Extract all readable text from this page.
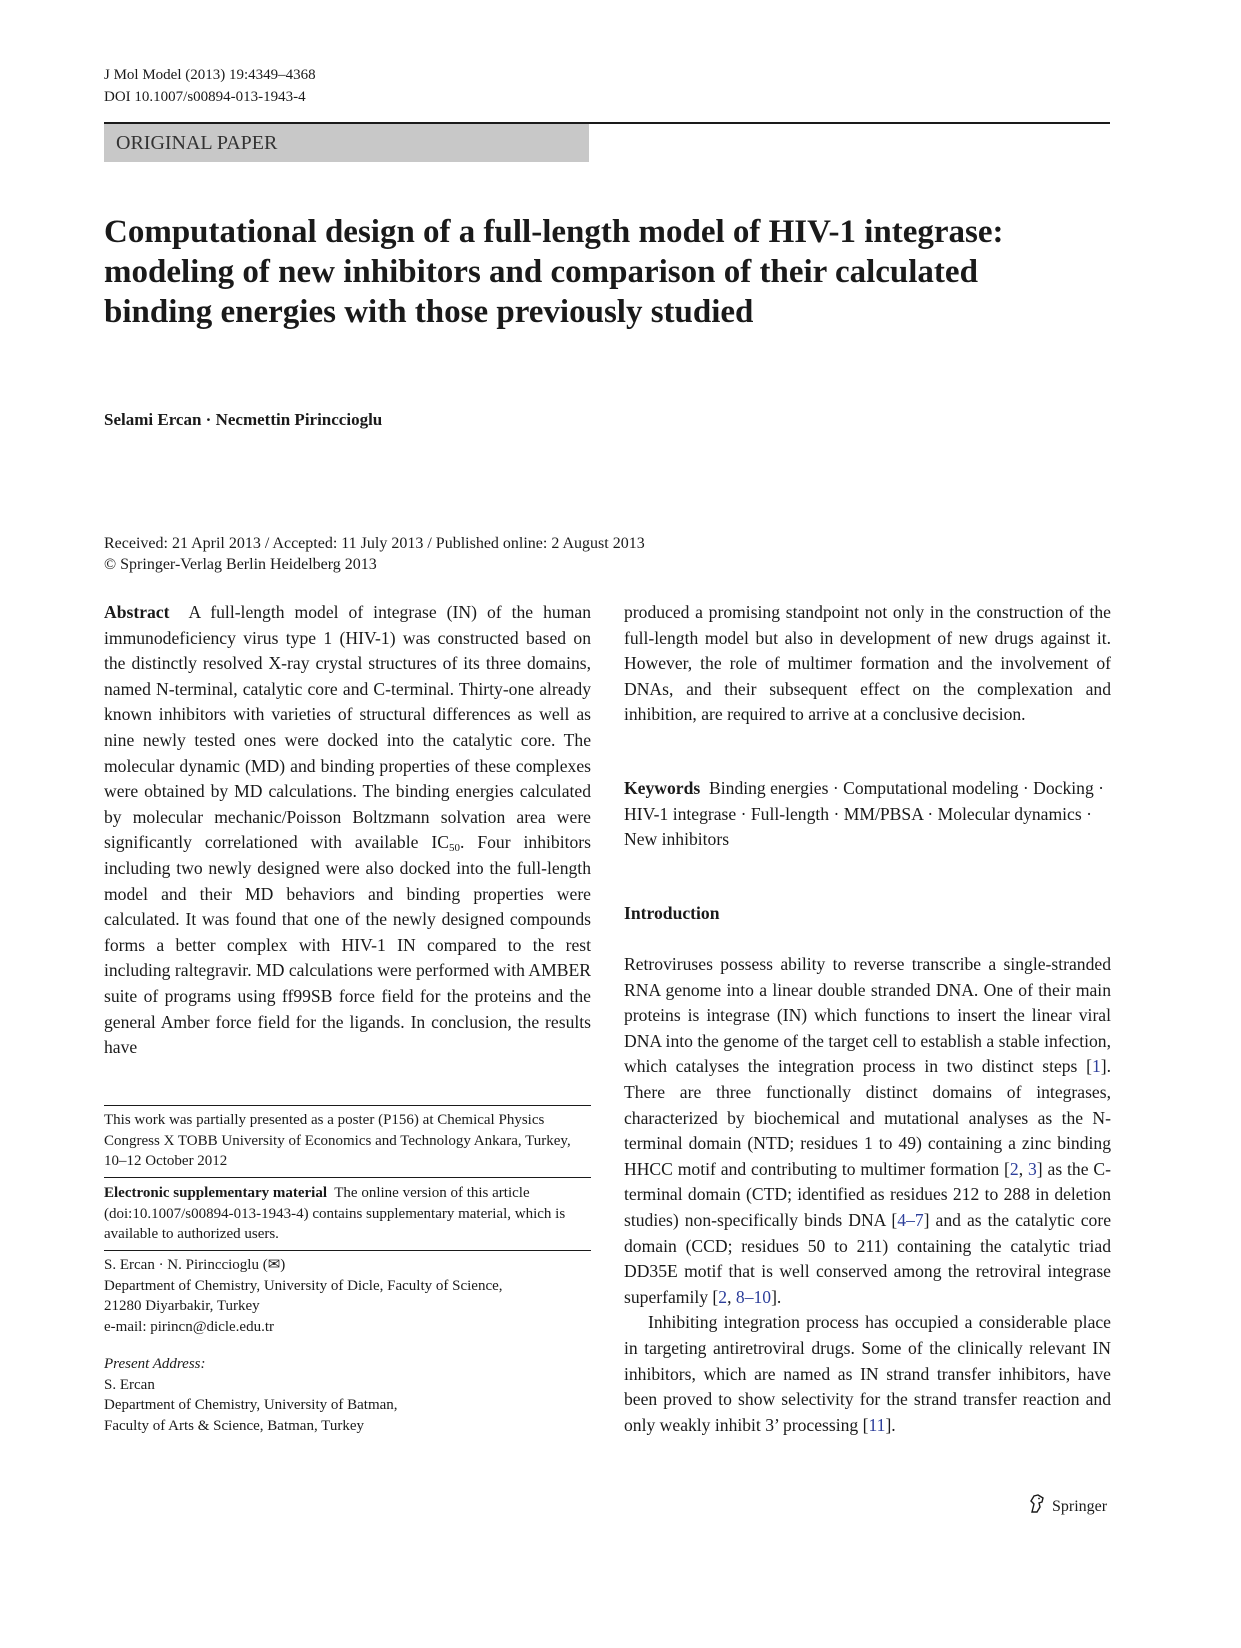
J Mol Model (2013) 19:4349–4368
DOI 10.1007/s00894-013-1943-4
ORIGINAL PAPER
Computational design of a full-length model of HIV-1 integrase: modeling of new inhibitors and comparison of their calculated binding energies with those previously studied
Selami Ercan · Necmettin Pirinccioglu
Received: 21 April 2013 / Accepted: 11 July 2013 / Published online: 2 August 2013
© Springer-Verlag Berlin Heidelberg 2013

Abstract A full-length model of integrase (IN) of the human immunodeficiency virus type 1 (HIV-1) was constructed based on the distinctly resolved X-ray crystal structures of its three domains, named N-terminal, catalytic core and C-terminal. Thirty-one already known inhibitors with varieties of structural differences as well as nine newly tested ones were docked into the catalytic core. The molecular dynamic (MD) and binding properties of these complexes were obtained by MD calculations. The binding energies calculated by molecular mechanic/Poisson Boltzmann solvation area were significantly correlationed with available $IC_{50}$. Four inhibitors including two newly designed were also docked into the full-length model and their MD behaviors and binding properties were calculated. It was found that one of the newly designed compounds forms a better complex with HIV-1 IN compared to the rest including raltegravir. MD calculations were performed with AMBER suite of programs using ff99SB force field for the proteins and the general Amber force field for the ligands. In conclusion, the results have

This work was partially presented as a poster (P156) at Chemical Physics Congress X TOBB University of Economics and Technology Ankara, Turkey, 10–12 October 2012
Electronic supplementary material The online version of this article (doi:10.1007/s00894-013-1943-4) contains supplementary material, which is available to authorized users.
S. Ercan · N. Pirinccioglu (✉)
Department of Chemistry, University of Dicle, Faculty of Science,
21280 Diyarbakir, Turkey
e-mail: pirincn@dicle.edu.tr
Present Address:
S. Ercan
Department of Chemistry, University of Batman,
Faculty of Arts & Science, Batman, Turkey
produced a promising standpoint not only in the construction of the full-length model but also in development of new drugs against it. However, the role of multimer formation and the involvement of DNAs, and their subsequent effect on the complexation and inhibition, are required to arrive at a conclusive decision.
Keywords Binding energies · Computational modeling · Docking · HIV-1 integrase · Full-length · MM/PBSA · Molecular dynamics · New inhibitors
Introduction

Retroviruses possess ability to reverse transcribe a single-stranded RNA genome into a linear double stranded DNA. One of their main proteins is integrase (IN) which functions to insert the linear viral DNA into the genome of the target cell to establish a stable infection, which catalyses the integration process in two distinct steps [1]. There are three functionally distinct domains of integrases, characterized by biochemical and mutational analyses as the N-terminal domain (NTD; residues 1 to 49) containing a zinc binding HHCC motif and contributing to multimer formation [2, 3] as the C-terminal domain (CTD; identified as residues 212 to 288 in deletion studies) non-specifically binds DNA [4–7] and as the catalytic core domain (CCD; residues 50 to 211) containing the catalytic triad DD35E motif that is well conserved among the retroviral integrase superfamily [2, 8–10].

Inhibiting integration process has occupied a considerable place in targeting antiretroviral drugs. Some of the clinically relevant IN inhibitors, which are named as IN strand transfer inhibitors, have been proved to show selectivity for the strand transfer reaction and only weakly inhibit 3’ processing [11].

Springer
